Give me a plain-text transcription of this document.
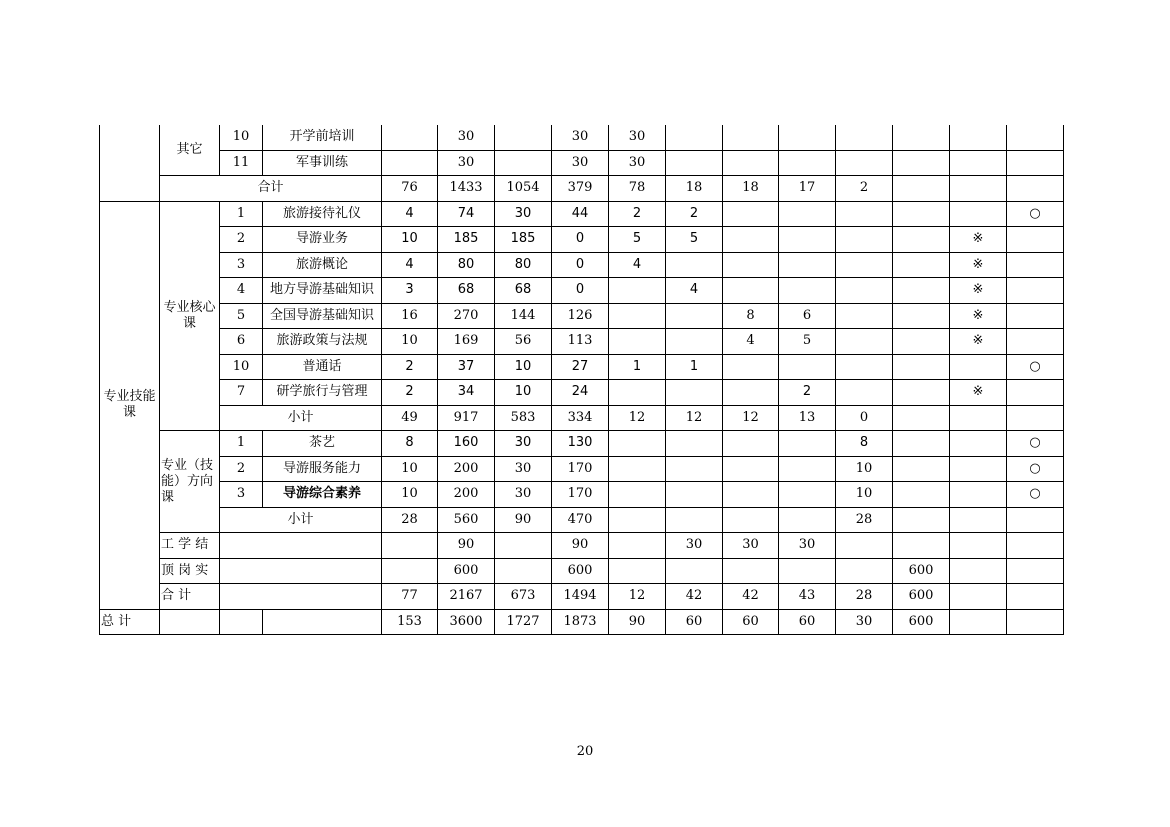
	其它	10	开学前培训		30		30	30							
		11	军事训练		30		30	30							
	合计			76	1433	1054	379	78	18	18	17	2			
专业技能课	专业核心课	1	旅游接待礼仪	4	74	30	44	2	2						○
		2	导游业务	10	185	185	0	5	5					※	
		3	旅游概论	4	80	80	0	4						※	
		4	地方导游基础知识	3	68	68	0		4					※	
		5	全国导游基础知识	16	270	144	126			8	6			※	
		6	旅游政策与法规	10	169	56	113			4	5			※	
		10	普通话	2	37	10	27	1	1						○
		7	研学旅行与管理	2	34	10	24				2			※	
		小计		49	917	583	334	12	12	12	13	0			
	专业（技能）方向课	1	茶艺	8	160	30	130					8			○
		2	导游服务能力	10	200	30	170					10			○
		3	导游综合素养	10	200	30	170					10			○
		小计		28	560	90	470					28			
	工 学 结				90		90		30	30	30				
	顶 岗 实				600		600						600		
	合 计			77	2167	673	1494	12	42	42	43	28	600		
总 计				153	3600	1727	1873	90	60	60	60	30	600		
20
